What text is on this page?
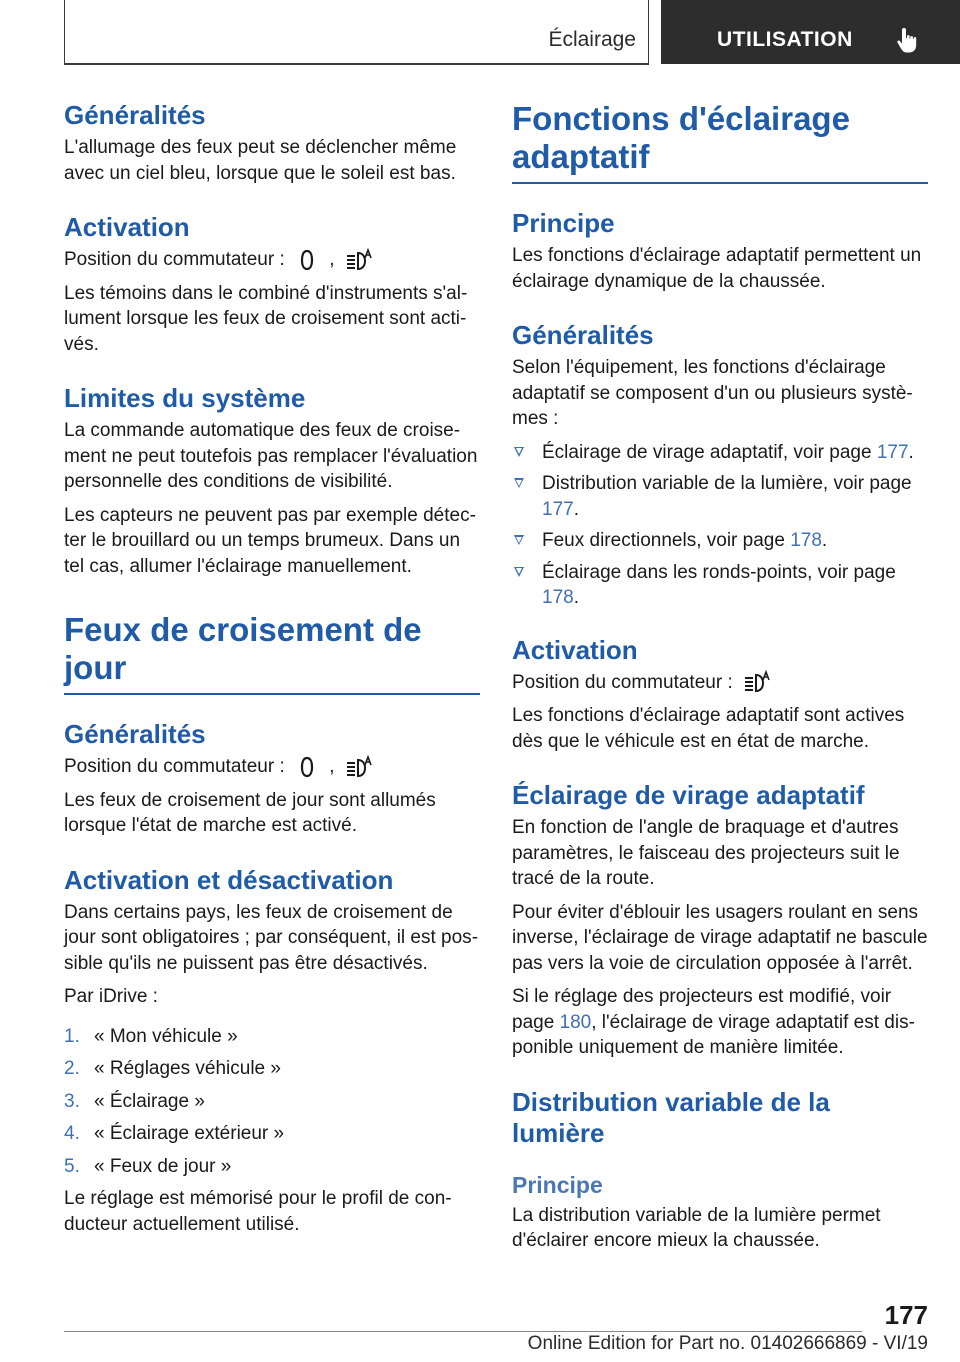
Éclairage	UTILISATION
Généralités

L'allumage des feux peut se déclencher même avec un ciel bleu, lorsque que le soleil est bas.

Activation

Position du commutateur : ,

Les témoins dans le combiné d'instruments s'allument lorsque les feux de croisement sont activés.

Limites du système

La commande automatique des feux de croisement ne peut toutefois pas remplacer l'évaluation personnelle des conditions de visibilité.

Les capteurs ne peuvent pas par exemple détecter le brouillard ou un temps brumeux. Dans un tel cas, allumer l'éclairage manuellement.

Feux de croisement de jour
Généralités

Position du commutateur : ,

Les feux de croisement de jour sont allumés lorsque l'état de marche est activé.

Activation et désactivation

Dans certains pays, les feux de croisement de jour sont obligatoires ; par conséquent, il est possible qu'ils ne puissent pas être désactivés.

Par iDrive :

1. « Mon véhicule »
2. « Réglages véhicule »
3. « Éclairage »
4. « Éclairage extérieur »
5. « Feux de jour »

Le réglage est mémorisé pour le profil de conducteur actuellement utilisé.

Fonctions d'éclairage
adaptatif
Principe

Les fonctions d'éclairage adaptatif permettent un éclairage dynamique de la chaussée.

Généralités

Selon l'équipement, les fonctions d'éclairage adaptatif se composent d'un ou plusieurs systèmes :

Éclairage de virage adaptatif, voir page 177.
Distribution variable de la lumière, voir page 177.
Feux directionnels, voir page 178.
Éclairage dans les ronds-points, voir page 178.
Activation

Position du commutateur :

Les fonctions d'éclairage adaptatif sont actives dès que le véhicule est en état de marche.

Éclairage de virage adaptatif

En fonction de l'angle de braquage et d'autres paramètres, le faisceau des projecteurs suit le tracé de la route.

Pour éviter d'éblouir les usagers roulant en sens inverse, l'éclairage de virage adaptatif ne bascule pas vers la voie de circulation opposée à l'arrêt.

Si le réglage des projecteurs est modifié, voir page 180, l'éclairage de virage adaptatif est disponible uniquement de manière limitée.

Distribution variable de la
lumière
Principe

La distribution variable de la lumière permet d'éclairer encore mieux la chaussée.

177
Online Edition for Part no. 01402666869 - VI/19
